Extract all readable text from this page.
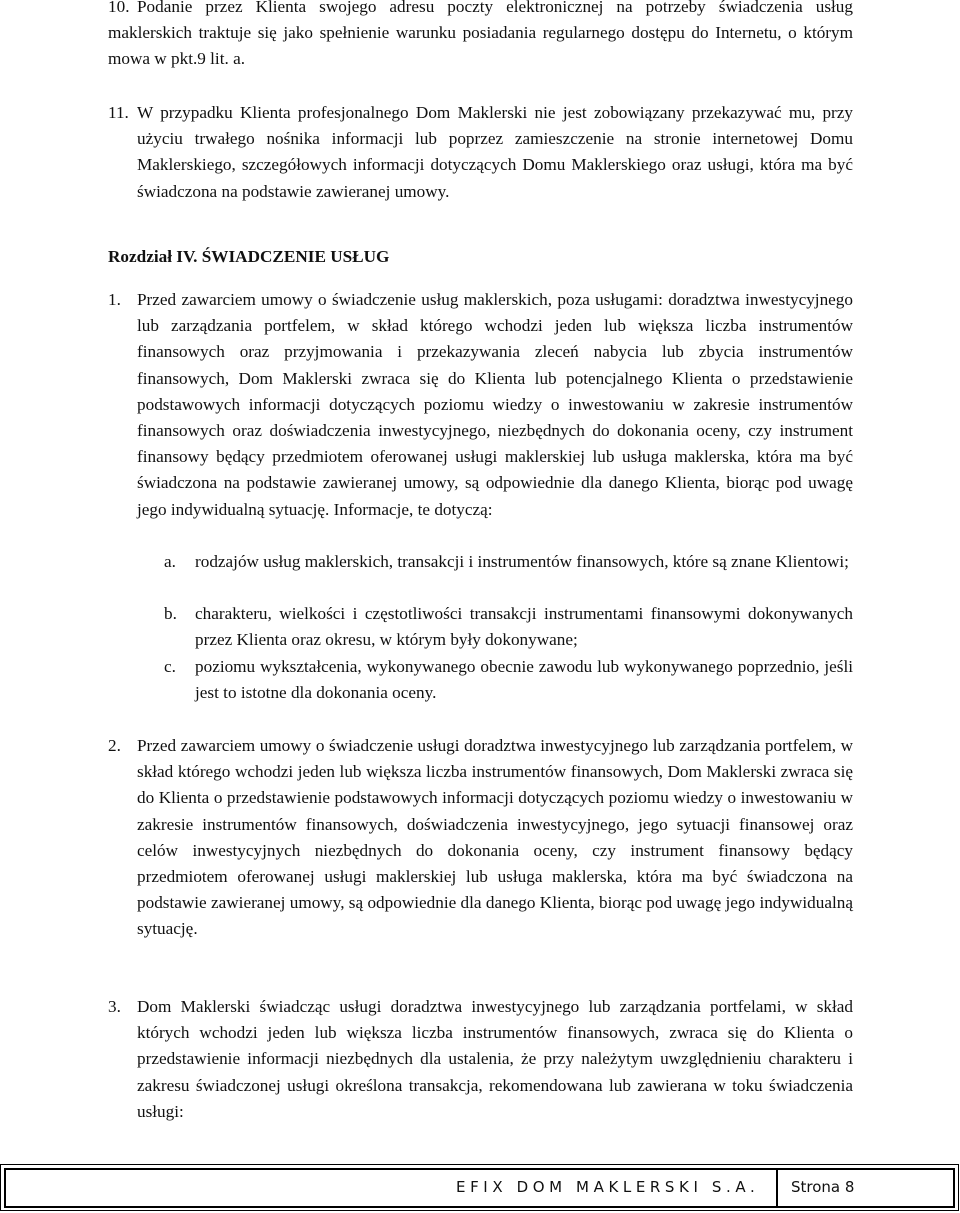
10. Podanie przez Klienta swojego adresu poczty elektronicznej na potrzeby świadczenia usług maklerskich traktuje się jako spełnienie warunku posiadania regularnego dostępu do Internetu, o którym mowa w pkt.9 lit. a.
11. W przypadku Klienta profesjonalnego Dom Maklerski nie jest zobowiązany przekazywać mu, przy użyciu trwałego nośnika informacji lub poprzez zamieszczenie na stronie internetowej Domu Maklerskiego, szczegółowych informacji dotyczących Domu Maklerskiego oraz usługi, która ma być świadczona na podstawie zawieranej umowy.
Rozdział IV. ŚWIADCZENIE USŁUG
1. Przed zawarciem umowy o świadczenie usług maklerskich, poza usługami: doradztwa inwestycyjnego lub zarządzania portfelem, w skład którego wchodzi jeden lub większa liczba instrumentów finansowych oraz przyjmowania i przekazywania zleceń nabycia lub zbycia instrumentów finansowych, Dom Maklerski zwraca się do Klienta lub potencjalnego Klienta o przedstawienie podstawowych informacji dotyczących poziomu wiedzy o inwestowaniu w zakresie instrumentów finansowych oraz doświadczenia inwestycyjnego, niezbędnych do dokonania oceny, czy instrument finansowy będący przedmiotem oferowanej usługi maklerskiej lub usługa maklerska, która ma być świadczona na podstawie zawieranej umowy, są odpowiednie dla danego Klienta, biorąc pod uwagę jego indywidualną sytuację. Informacje, te dotyczą:
a.	rodzajów usług maklerskich, transakcji i instrumentów finansowych, które są znane Klientowi;
b.	charakteru, wielkości i częstotliwości transakcji instrumentami finansowymi dokonywanych przez Klienta oraz okresu, w którym były dokonywane;
c.	poziomu wykształcenia, wykonywanego obecnie zawodu lub wykonywanego poprzednio, jeśli jest to istotne dla dokonania oceny.
2. Przed zawarciem umowy o świadczenie usługi doradztwa inwestycyjnego lub zarządzania portfelem, w skład którego wchodzi jeden lub większa liczba instrumentów finansowych, Dom Maklerski zwraca się do Klienta o przedstawienie podstawowych informacji dotyczących poziomu wiedzy o inwestowaniu w zakresie instrumentów finansowych, doświadczenia inwestycyjnego, jego sytuacji finansowej oraz celów inwestycyjnych niezbędnych do dokonania oceny, czy instrument finansowy będący przedmiotem oferowanej usługi maklerskiej lub usługa maklerska, która ma być świadczona na podstawie zawieranej umowy, są odpowiednie dla danego Klienta, biorąc pod uwagę jego indywidualną sytuację.
3. Dom Maklerski świadcząc usługi doradztwa inwestycyjnego lub zarządzania portfelami, w skład których wchodzi jeden lub większa liczba instrumentów finansowych, zwraca się do Klienta o przedstawienie informacji niezbędnych dla ustalenia, że przy należytym uwzględnieniu charakteru i zakresu świadczonej usługi określona transakcja, rekomendowana lub zawierana w toku świadczenia usługi:
EFIX DOM MAKLERSKI S.A. Strona 8
